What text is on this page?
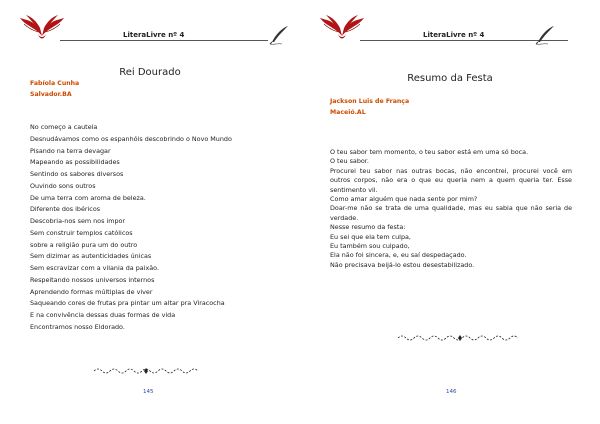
LiteraLivre nº 4
Rei Dourado
Fabíola Cunha
Salvador.BA
No começo a cautela
Desnudávamos como os espanhóis descobrindo o Novo Mundo
Pisando na terra devagar
Mapeando as possibilidades
Sentindo os sabores diversos
Ouvindo sons outros
De uma terra com aroma de beleza.
Diferente dos ibéricos
Descobria-nos sem nos impor
Sem construir templos católicos
sobre a religião pura um do outro
Sem dizimar as autenticidades únicas
Sem escravizar com a vilania da paixão.
Respeitando nossos universos internos
Aprendendo formas múltiplas de viver
Saqueando cores de frutas pra pintar um altar pra Viracocha
E na convivência dessas duas formas de vida
Encontramos nosso Eldorado.
145
LiteraLivre nº 4
Resumo da Festa
Jackson Luis de França
Maceió.AL
O teu sabor tem momento, o teu sabor está em uma só boca.
O teu sabor.
Procurei teu sabor nas outras bocas, não encontrei, procurei você em outros corpos, não era o que eu queria nem a quem queria ter. Esse sentimento vil.
Como amar alguém que nada sente por mim?
Doar-me não se trata de uma qualidade, mas eu sabia que não seria de verdade.
Nesse resumo da festa:
Eu sei que ela tem culpa,
Eu também sou culpado,
Ela não foi sincera, e, eu saí despedaçado.
Não precisava beijá-lo estou desestabilizado.
146
